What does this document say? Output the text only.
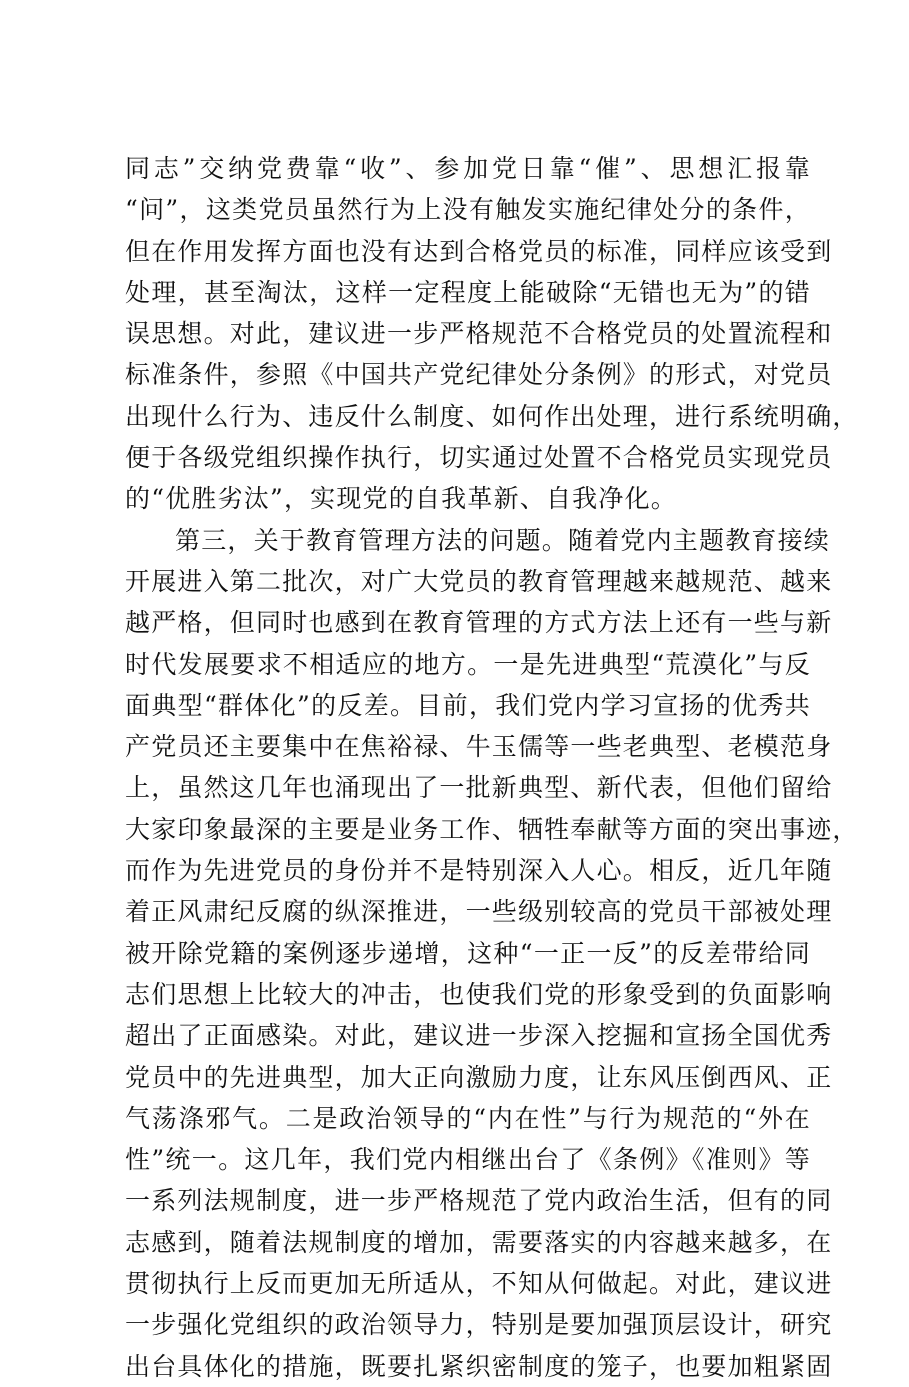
同志”交纳党费靠“收”、参加党日靠“催”、思想汇报靠
“问”，这类党员虽然行为上没有触发实施纪律处分的条件，
但在作用发挥方面也没有达到合格党员的标准，同样应该受到
处理，甚至淘汰，这样一定程度上能破除“无错也无为”的错
误思想。对此，建议进一步严格规范不合格党员的处置流程和
标准条件，参照《中国共产党纪律处分条例》的形式，对党员
出现什么行为、违反什么制度、如何作出处理，进行系统明确，
便于各级党组织操作执行，切实通过处置不合格党员实现党员
的“优胜劣汰”，实现党的自我革新、自我净化。
第三，关于教育管理方法的问题。随着党内主题教育接续
开展进入第二批次，对广大党员的教育管理越来越规范、越来
越严格，但同时也感到在教育管理的方式方法上还有一些与新
时代发展要求不相适应的地方。一是先进典型“荒漠化”与反
面典型“群体化”的反差。目前，我们党内学习宣扬的优秀共
产党员还主要集中在焦裕禄、牛玉儒等一些老典型、老模范身
上，虽然这几年也涌现出了一批新典型、新代表，但他们留给
大家印象最深的主要是业务工作、牺牲奉献等方面的突出事迹，
而作为先进党员的身份并不是特别深入人心。相反，近几年随
着正风肃纪反腐的纵深推进，一些级别较高的党员干部被处理
被开除党籍的案例逐步递增，这种“一正一反”的反差带给同
志们思想上比较大的冲击，也使我们党的形象受到的负面影响
超出了正面感染。对此，建议进一步深入挖掘和宣扬全国优秀
党员中的先进典型，加大正向激励力度，让东风压倒西风、正
气荡涤邪气。二是政治领导的“内在性”与行为规范的“外在
性”统一。这几年，我们党内相继出台了《条例》《准则》等
一系列法规制度，进一步严格规范了党内政治生活，但有的同
志感到，随着法规制度的增加，需要落实的内容越来越多，在
贯彻执行上反而更加无所适从，不知从何做起。对此，建议进
一步强化党组织的政治领导力，特别是要加强顶层设计，研究
出台具体化的措施，既要扎紧织密制度的笼子，也要加粗紧固
